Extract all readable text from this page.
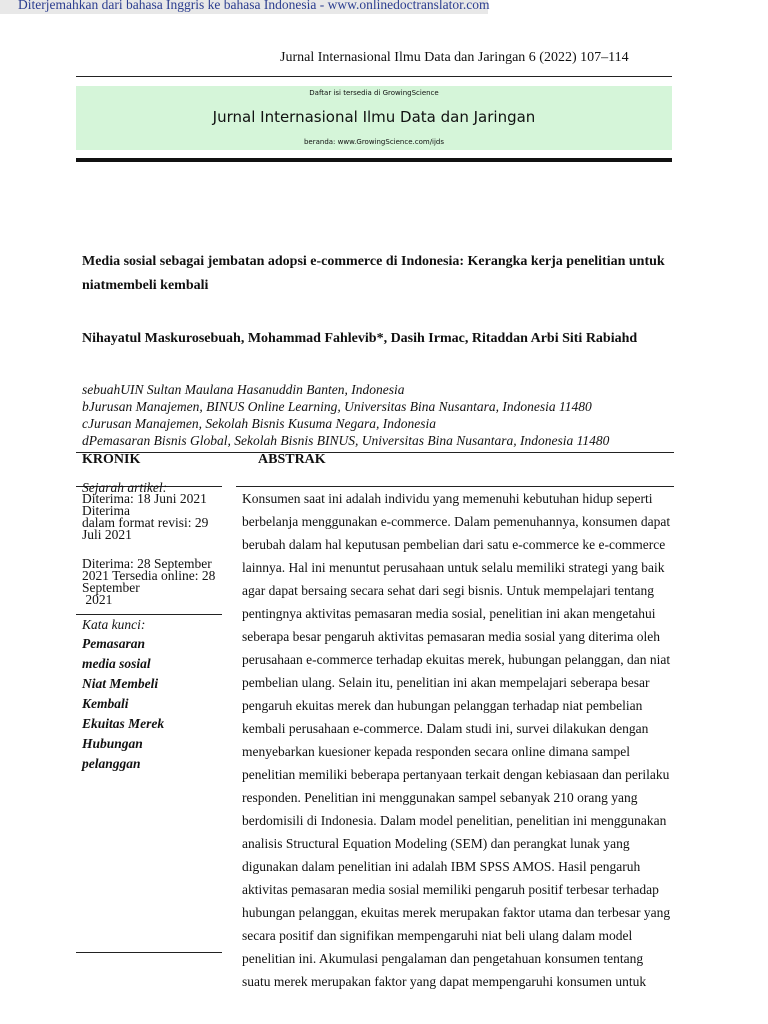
Diterjemahkan dari bahasa Inggris ke bahasa Indonesia - www.onlinedoctranslator.com
Jurnal Internasional Ilmu Data dan Jaringan 6 (2022) 107–114
Daftar isi tersedia di GrowingScience
Jurnal Internasional Ilmu Data dan Jaringan
beranda: www.GrowingScience.com/ijds
Media sosial sebagai jembatan adopsi e-commerce di Indonesia: Kerangka kerja penelitian untuk
niatmembeli kembali
Nihayatul Maskurosebuah, Mohammad Fahlevib*, Dasih Irmac, Ritaddan Arbi Siti Rabiahd
sebuahUIN Sultan Maulana Hasanuddin Banten, Indonesia
bJurusan Manajemen, BINUS Online Learning, Universitas Bina Nusantara, Indonesia 11480
cJurusan Manajemen, Sekolah Bisnis Kusuma Negara, Indonesia
dPemasaran Bisnis Global, Sekolah Bisnis BINUS, Universitas Bina Nusantara, Indonesia 11480
KRONIK	ABSTRAK
Sejarah artikel:
Diterima: 18 Juni 2021
Diterima
dalam format revisi: 29
Juli 2021
Diterima: 28 September
2021 Tersedia online: 28
September
2021
Kata kunci:
Pemasaran
media sosial
Niat Membeli
Kembali
Ekuitas Merek
Hubungan
pelanggan
Konsumen saat ini adalah individu yang memenuhi kebutuhan hidup seperti
berbelanja menggunakan e-commerce. Dalam pemenuhannya, konsumen dapat
berubah dalam hal keputusan pembelian dari satu e-commerce ke e-commerce
lainnya. Hal ini menuntut perusahaan untuk selalu memiliki strategi yang baik
agar dapat bersaing secara sehat dari segi bisnis. Untuk mempelajari tentang
pentingnya aktivitas pemasaran media sosial, penelitian ini akan mengetahui
seberapa besar pengaruh aktivitas pemasaran media sosial yang diterima oleh
perusahaan e-commerce terhadap ekuitas merek, hubungan pelanggan, dan niat
pembelian ulang. Selain itu, penelitian ini akan mempelajari seberapa besar
pengaruh ekuitas merek dan hubungan pelanggan terhadap niat pembelian
kembali perusahaan e-commerce. Dalam studi ini, survei dilakukan dengan
menyebarkan kuesioner kepada responden secara online dimana sampel
penelitian memiliki beberapa pertanyaan terkait dengan kebiasaan dan perilaku
responden. Penelitian ini menggunakan sampel sebanyak 210 orang yang
berdomisili di Indonesia. Dalam model penelitian, penelitian ini menggunakan
analisis Structural Equation Modeling (SEM) dan perangkat lunak yang
digunakan dalam penelitian ini adalah IBM SPSS AMOS. Hasil pengaruh
aktivitas pemasaran media sosial memiliki pengaruh positif terbesar terhadap
hubungan pelanggan, ekuitas merek merupakan faktor utama dan terbesar yang
secara positif dan signifikan mempengaruhi niat beli ulang dalam model
penelitian ini. Akumulasi pengalaman dan pengetahuan konsumen tentang
suatu merek merupakan faktor yang dapat mempengaruhi konsumen untuk
